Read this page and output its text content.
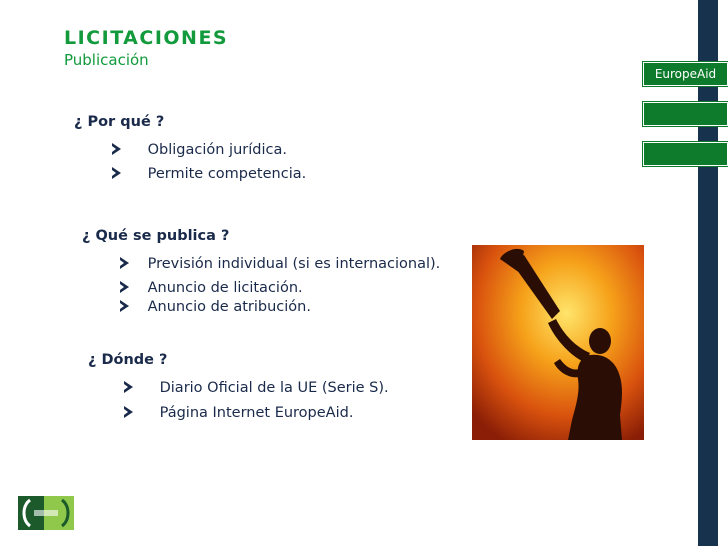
LICITACIONES
Publicación
EuropeAid
¿ Por qué ?
Obligación jurídica.
Permite competencia.
¿ Qué se publica ?
Previsión individual (si es internacional).
Anuncio de licitación.
Anuncio de atribución.
¿ Dónde ?
Diario Oficial de la UE (Serie S).
Página Internet EuropeAid.
